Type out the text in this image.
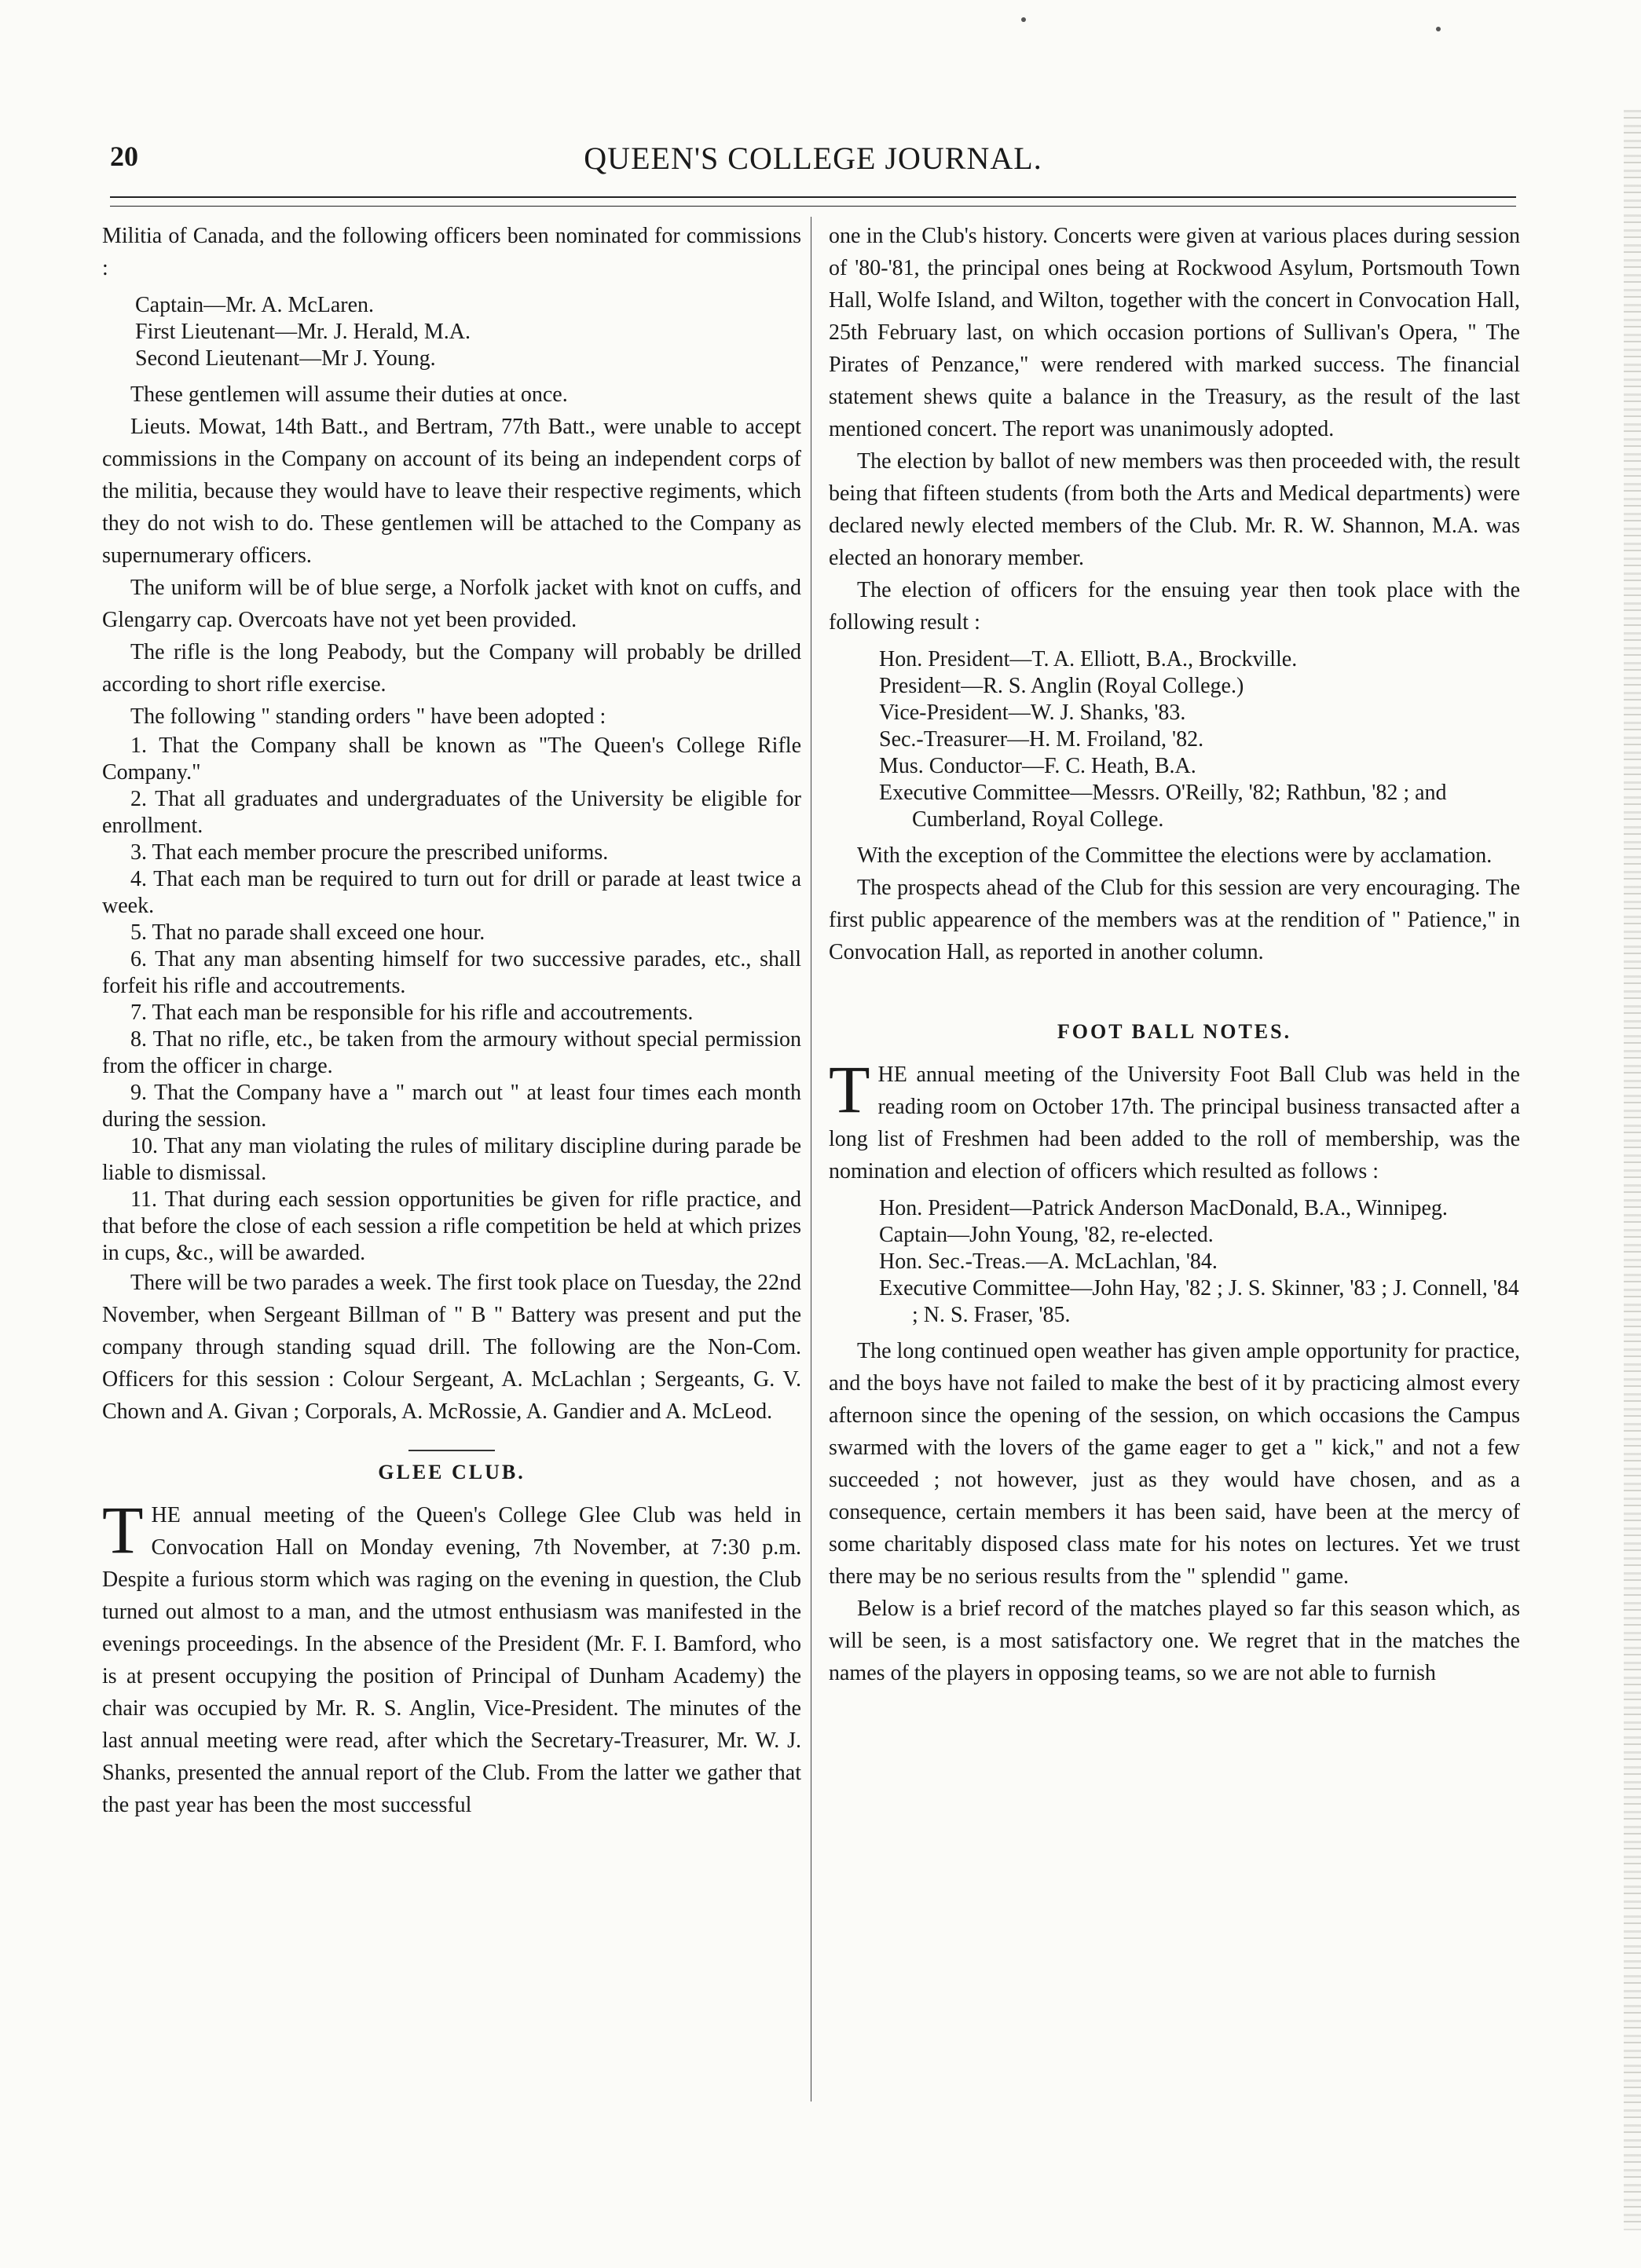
20	QUEEN'S COLLEGE JOURNAL.

Militia of Canada, and the following officers been nominated for commissions :

Captain—Mr. A. McLaren.
First Lieutenant—Mr. J. Herald, M.A.
Second Lieutenant—Mr J. Young.

These gentlemen will assume their duties at once.

Lieuts. Mowat, 14th Batt., and Bertram, 77th Batt., were unable to accept commissions in the Company on account of its being an independent corps of the militia, because they would have to leave their respective regiments, which they do not wish to do. These gentlemen will be attached to the Company as supernumerary officers.

The uniform will be of blue serge, a Norfolk jacket with knot on cuffs, and Glengarry cap. Overcoats have not yet been provided.

The rifle is the long Peabody, but the Company will probably be drilled according to short rifle exercise.

The following " standing orders " have been adopted :

1. That the Company shall be known as "The Queen's College Rifle Company."
2. That all graduates and undergraduates of the University be eligible for enrollment.
3. That each member procure the prescribed uniforms.
4. That each man be required to turn out for drill or parade at least twice a week.
5. That no parade shall exceed one hour.
6. That any man absenting himself for two successive parades, etc., shall forfeit his rifle and accoutrements.
7. That each man be responsible for his rifle and accoutrements.
8. That no rifle, etc., be taken from the armoury without special permission from the officer in charge.
9. That the Company have a " march out " at least four times each month during the session.
10. That any man violating the rules of military discipline during parade be liable to dismissal.
11. That during each session opportunities be given for rifle practice, and that before the close of each session a rifle competition be held at which prizes in cups, &c., will be awarded.

There will be two parades a week. The first took place on Tuesday, the 22nd November, when Sergeant Billman of " B " Battery was present and put the company through standing squad drill. The following are the Non-Com. Officers for this session : Colour Sergeant, A. McLachlan ; Sergeants, G. V. Chown and A. Givan ; Corporals, A. McRossie, A. Gandier and A. McLeod.

GLEE CLUB.

THE annual meeting of the Queen's College Glee Club was held in Convocation Hall on Monday evening, 7th November, at 7:30 p.m. Despite a furious storm which was raging on the evening in question, the Club turned out almost to a man, and the utmost enthusiasm was manifested in the evenings proceedings. In the absence of the President (Mr. F. I. Bamford, who is at present occupying the position of Principal of Dunham Academy) the chair was occupied by Mr. R. S. Anglin, Vice-President. The minutes of the last annual meeting were read, after which the Secretary-Treasurer, Mr. W. J. Shanks, presented the annual report of the Club. From the latter we gather that the past year has been the most successful

one in the Club's history. Concerts were given at various places during session of '80-'81, the principal ones being at Rockwood Asylum, Portsmouth Town Hall, Wolfe Island, and Wilton, together with the concert in Convocation Hall, 25th February last, on which occasion portions of Sullivan's Opera, " The Pirates of Penzance," were rendered with marked success. The financial statement shews quite a balance in the Treasury, as the result of the last mentioned concert. The report was unanimously adopted.

The election by ballot of new members was then proceeded with, the result being that fifteen students (from both the Arts and Medical departments) were declared newly elected members of the Club. Mr. R. W. Shannon, M.A. was elected an honorary member.

The election of officers for the ensuing year then took place with the following result :

Hon. President—T. A. Elliott, B.A., Brockville.
President—R. S. Anglin (Royal College.)
Vice-President—W. J. Shanks, '83.
Sec.-Treasurer—H. M. Froiland, '82.
Mus. Conductor—F. C. Heath, B.A.
Executive Committee—Messrs. O'Reilly, '82; Rathbun, '82 ; and Cumberland, Royal College.

With the exception of the Committee the elections were by acclamation.

The prospects ahead of the Club for this session are very encouraging. The first public appearence of the members was at the rendition of " Patience," in Convocation Hall, as reported in another column.

FOOT BALL NOTES.

THE annual meeting of the University Foot Ball Club was held in the reading room on October 17th. The principal business transacted after a long list of Freshmen had been added to the roll of membership, was the nomination and election of officers which resulted as follows :

Hon. President—Patrick Anderson MacDonald, B.A., Winnipeg.
Captain—John Young, '82, re-elected.
Hon. Sec.-Treas.—A. McLachlan, '84.
Executive Committee—John Hay, '82 ; J. S. Skinner, '83 ; J. Connell, '84 ; N. S. Fraser, '85.

The long continued open weather has given ample opportunity for practice, and the boys have not failed to make the best of it by practicing almost every afternoon since the opening of the session, on which occasions the Campus swarmed with the lovers of the game eager to get a " kick," and not a few succeeded ; not however, just as they would have chosen, and as a consequence, certain members it has been said, have been at the mercy of some charitably disposed class mate for his notes on lectures. Yet we trust there may be no serious results from the " splendid " game.

Below is a brief record of the matches played so far this season which, as will be seen, is a most satisfactory one. We regret that in the matches the names of the players in opposing teams, so we are not able to furnish
